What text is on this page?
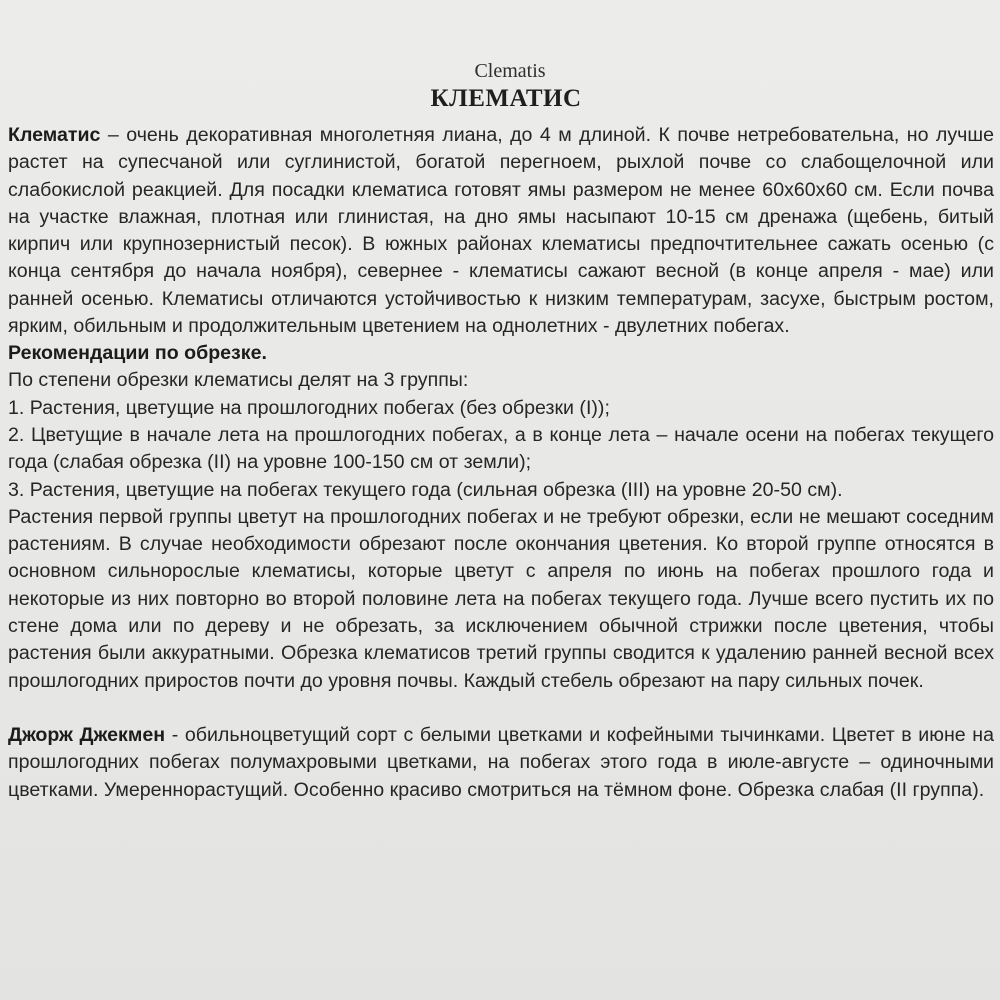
Clematis

КЛЕМАТИС

Клематис – очень декоративная многолетняя лиана, до 4 м длиной. К почве нетребовательна, но лучше растет на супесчаной или суглинистой, богатой перегноем, рыхлой почве со слабощелочной или слабокислой реакцией. Для посадки клематиса готовят ямы размером не менее 60х60х60 см. Если почва на участке влажная, плотная или глинистая, на дно ямы насыпают 10-15 см дренажа (щебень, битый кирпич или крупнозернистый песок). В южных районах клематисы предпочтительнее сажать осенью (с конца сентября до начала ноября), севернее - клематисы сажают весной (в конце апреля - мае) или ранней осенью. Клематисы отличаются устойчивостью к низким температурам, засухе, быстрым ростом, ярким, обильным и продолжительным цветением на однолетних - двулетних побегах.

Рекомендации по обрезке.

По степени обрезки клематисы делят на 3 группы:

1. Растения, цветущие на прошлогодних побегах (без обрезки (I));

2. Цветущие в начале лета на прошлогодних побегах, а в конце лета – начале осени на побегах текущего года (слабая обрезка (II) на уровне 100-150 см от земли);

3. Растения, цветущие на побегах текущего года (сильная обрезка (III) на уровне 20-50 см).

Растения первой группы цветут на прошлогодних побегах и не требуют обрезки, если не мешают соседним растениям. В случае необходимости обрезают после окончания цветения. Ко второй группе относятся в основном сильнорослые клематисы, которые цветут с апреля по июнь на побегах прошлого года и некоторые из них повторно во второй половине лета на побегах текущего года. Лучше всего пустить их по стене дома или по дереву и не обрезать, за исключением обычной стрижки после цветения, чтобы растения были аккуратными. Обрезка клематисов третий группы сводится к удалению ранней весной всех прошлогодних приростов почти до уровня почвы. Каждый стебель обрезают на пару сильных почек.

Джорж Джекмен - обильноцветущий сорт с белыми цветками и кофейными тычинками. Цветет в июне на прошлогодних побегах полумахровыми цветками, на побегах этого года в июле-августе – одиночными цветками. Умереннорастущий. Особенно красиво смотриться на тёмном фоне. Обрезка слабая (II группа).
